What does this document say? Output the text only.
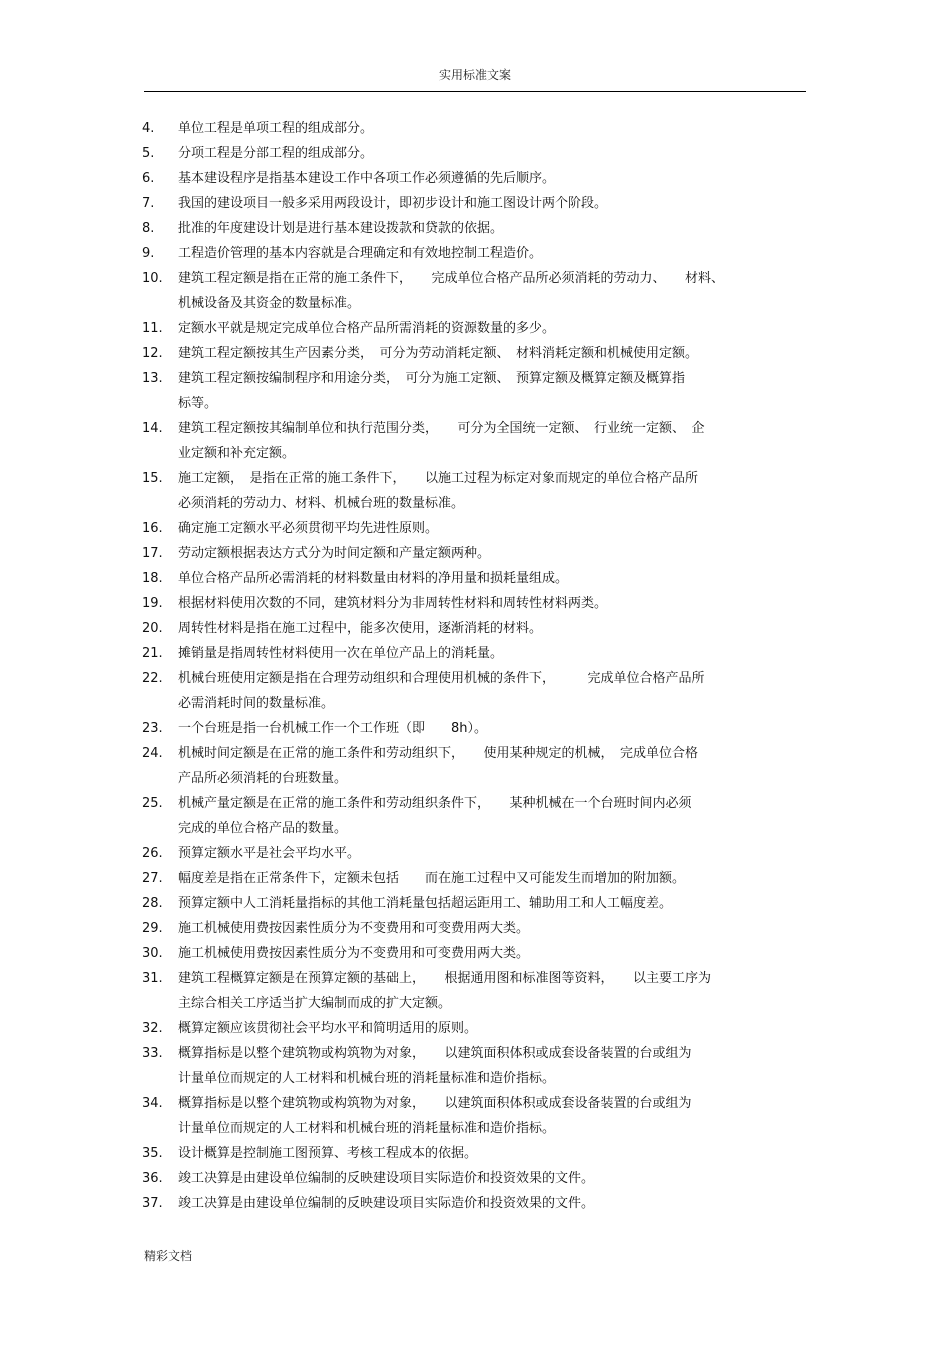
实用标准文案
4.	单位工程是单项工程的组成部分。
5.	分项工程是分部工程的组成部分。
6.	基本建设程序是指基本建设工作中各项工作必须遵循的先后顺序。
7.	我国的建设项目一般多采用两段设计，即初步设计和施工图设计两个阶段。
8.	批准的年度建设计划是进行基本建设拨款和贷款的依据。
9.	工程造价管理的基本内容就是合理确定和有效地控制工程造价。
10.	建筑工程定额是指在正常的施工条件下，　　完成单位合格产品所必须消耗的劳动力、　　材料、
机械设备及其资金的数量标准。
11.	定额水平就是规定完成单位合格产品所需消耗的资源数量的多少。
12.	建筑工程定额按其生产因素分类，　可分为劳动消耗定额、　材料消耗定额和机械使用定额。
13.	建筑工程定额按编制程序和用途分类，　可分为施工定额、　预算定额及概算定额及概算指
标等。
14.	建筑工程定额按其编制单位和执行范围分类，　　可分为全国统一定额、　行业统一定额、　企
业定额和补充定额。
15.	施工定额，　是指在正常的施工条件下，　　以施工过程为标定对象而规定的单位合格产品所
必须消耗的劳动力、材料、机械台班的数量标准。
16.	确定施工定额水平必须贯彻平均先进性原则。
17.	劳动定额根据表达方式分为时间定额和产量定额两种。
18.	单位合格产品所必需消耗的材料数量由材料的净用量和损耗量组成。
19.	根据材料使用次数的不同，建筑材料分为非周转性材料和周转性材料两类。
20.	周转性材料是指在施工过程中，能多次使用，逐渐消耗的材料。
21.	摊销量是指周转性材料使用一次在单位产品上的消耗量。
22.	机械台班使用定额是指在合理劳动组织和合理使用机械的条件下，　　　完成单位合格产品所
必需消耗时间的数量标准。
23.	一个台班是指一台机械工作一个工作班（即　　8h）。
24.	机械时间定额是在正常的施工条件和劳动组织下，　　使用某种规定的机械，　完成单位合格
产品所必须消耗的台班数量。
25.	机械产量定额是在正常的施工条件和劳动组织条件下，　　某种机械在一个台班时间内必须
完成的单位合格产品的数量。
26.	预算定额水平是社会平均水平。
27.	幅度差是指在正常条件下，定额未包括　　而在施工过程中又可能发生而增加的附加额。
28.	预算定额中人工消耗量指标的其他工消耗量包括超运距用工、辅助用工和人工幅度差。
29.	施工机械使用费按因素性质分为不变费用和可变费用两大类。
30.	施工机械使用费按因素性质分为不变费用和可变费用两大类。
31.	建筑工程概算定额是在预算定额的基础上，　　根据通用图和标准图等资料，　　以主要工序为
主综合相关工序适当扩大编制而成的扩大定额。
32.	概算定额应该贯彻社会平均水平和简明适用的原则。
33.	概算指标是以整个建筑物或构筑物为对象，　　以建筑面积体积或成套设备装置的台或组为
计量单位而规定的人工材料和机械台班的消耗量标准和造价指标。
34.	概算指标是以整个建筑物或构筑物为对象，　　以建筑面积体积或成套设备装置的台或组为
计量单位而规定的人工材料和机械台班的消耗量标准和造价指标。
35.	设计概算是控制施工图预算、考核工程成本的依据。
36.	竣工决算是由建设单位编制的反映建设项目实际造价和投资效果的文件。
37.	竣工决算是由建设单位编制的反映建设项目实际造价和投资效果的文件。
精彩文档
